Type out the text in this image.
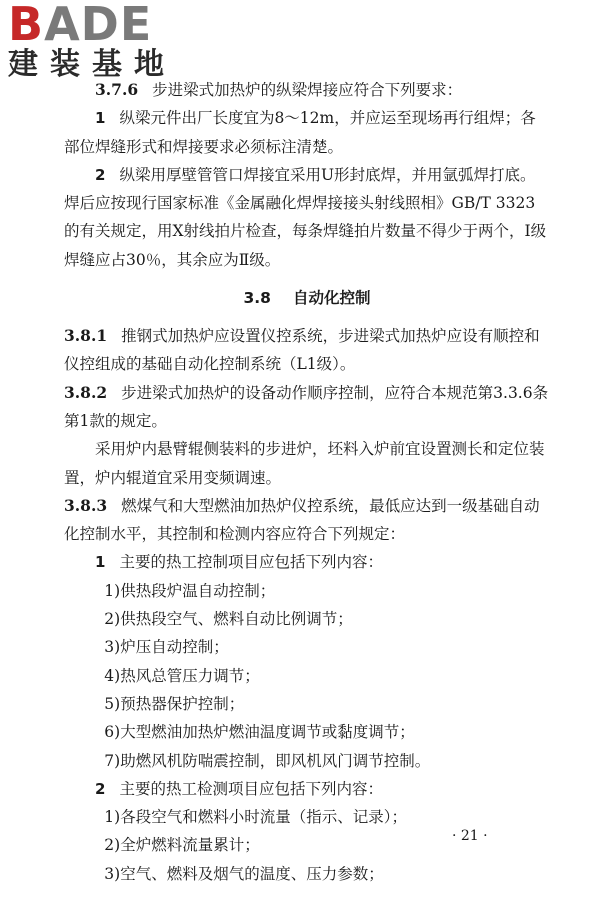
BADE
建装基地

3.7.6 步进梁式加热炉的纵梁焊接应符合下列要求：

1 纵梁元件出厂长度宜为8～12m，并应运至现场再行组焊；各部位焊缝形式和焊接要求必须标注清楚。

2 纵梁用厚壁管管口焊接宜采用U形封底焊，并用氩弧焊打底。焊后应按现行国家标准《金属融化焊焊接接头射线照相》GB/T 3323的有关规定，用X射线拍片检查，每条焊缝拍片数量不得少于两个，Ⅰ级焊缝应占30％，其余应为Ⅱ级。

3.8 自动化控制

3.8.1 推钢式加热炉应设置仪控系统，步进梁式加热炉应设有顺控和仪控组成的基础自动化控制系统（L1级）。

3.8.2 步进梁式加热炉的设备动作顺序控制，应符合本规范第3.3.6条第1款的规定。

采用炉内悬臂辊侧装料的步进炉，坯料入炉前宜设置测长和定位装置，炉内辊道宜采用变频调速。

3.8.3 燃煤气和大型燃油加热炉仪控系统，最低应达到一级基础自动化控制水平，其控制和检测内容应符合下列规定：

1 主要的热工控制项目应包括下列内容：

1)供热段炉温自动控制；

2)供热段空气、燃料自动比例调节；

3)炉压自动控制；

4)热风总管压力调节；

5)预热器保护控制；

6)大型燃油加热炉燃油温度调节或黏度调节；

7)助燃风机防喘震控制，即风机风门调节控制。

2 主要的热工检测项目应包括下列内容：

1)各段空气和燃料小时流量（指示、记录）；

2)全炉燃料流量累计；

3)空气、燃料及烟气的温度、压力参数；

· 21 ·
